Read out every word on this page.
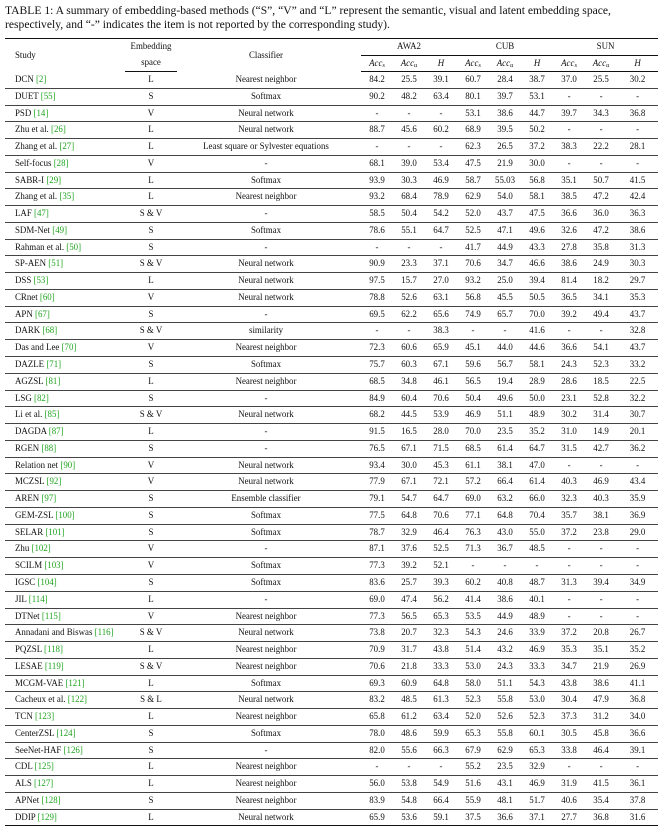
TABLE 1: A summary of embedding-based methods (“S”, “V” and “L” represent the semantic, visual and latent embedding space, respectively, and “-” indicates the item is not reported by the corresponding study).
Study	Embedding	Classifier		AWA2			CUB			SUN		
	space			Acc$_s$	Acc$_u$	H	Acc$_s$	Acc$_u$	H	Acc$_s$	Acc$_u$	H
DCN [2]	L	Nearest neighbor		84.2	25.5	39.1	60.7	28.4	38.7	37.0	25.5	30.2
DUET [55]	S	Softmax		90.2	48.2	63.4	80.1	39.7	53.1	-	-	-
PSD [14]	V	Neural network		-	-	-	53.1	38.6	44.7	39.7	34.3	36.8
Zhu et al. [26]	L	Neural network		88.7	45.6	60.2	68.9	39.5	50.2	-	-	-
Zhang et al. [27]	L	Least square or Sylvester equations		-	-	-	62.3	26.5	37.2	38.3	22.2	28.1
Self-focus [28]	V	-		68.1	39.0	53.4	47.5	21.9	30.0	-	-	-
SABR-I [29]	L	Softmax		93.9	30.3	46.9	58.7	55.03	56.8	35.1	50.7	41.5
Zhang et al. [35]	L	Nearest neighbor		93.2	68.4	78.9	62.9	54.0	58.1	38.5	47.2	42.4
LAF [47]	S & V	-		58.5	50.4	54.2	52.0	43.7	47.5	36.6	36.0	36.3
SDM-Net [49]	S	Softmax		78.6	55.1	64.7	52.5	47.1	49.6	32.6	47.2	38.6
Rahman et al. [50]	S	-		-	-	-	41.7	44.9	43.3	27.8	35.8	31.3
SP-AEN [51]	S & V	Neural network		90.9	23.3	37.1	70.6	34.7	46.6	38.6	24.9	30.3
DSS [53]	L	Neural network		97.5	15.7	27.0	93.2	25.0	39.4	81.4	18.2	29.7
CRnet [60]	V	Neural network		78.8	52.6	63.1	56.8	45.5	50.5	36.5	34.1	35.3
APN [67]	S	-		69.5	62.2	65.6	74.9	65.7	70.0	39.2	49.4	43.7
DARK [68]	S & V	similarity		-	-	38.3	-	-	41.6	-	-	32.8
Das and Lee [70]	V	Nearest neighbor		72.3	60.6	65.9	45.1	44.0	44.6	36.6	54.1	43.7
DAZLE [71]	S	Softmax		75.7	60.3	67.1	59.6	56.7	58.1	24.3	52.3	33.2
AGZSL [81]	L	Nearest neighbor		68.5	34.8	46.1	56.5	19.4	28.9	28.6	18.5	22.5
LSG [82]	S	-		84.9	60.4	70.6	50.4	49.6	50.0	23.1	52.8	32.2
Li et al. [85]	S & V	Neural network		68.2	44.5	53.9	46.9	51.1	48.9	30.2	31.4	30.7
DAGDA [87]	L	-		91.5	16.5	28.0	70.0	23.5	35.2	31.0	14.9	20.1
RGEN [88]	S	-		76.5	67.1	71.5	68.5	61.4	64.7	31.5	42.7	36.2
Relation net [90]	V	Neural network		93.4	30.0	45.3	61.1	38.1	47.0	-	-	-
MCZSL [92]	V	Neural network		77.9	67.1	72.1	57.2	66.4	61.4	40.3	46.9	43.4
AREN [97]	S	Ensemble classifier		79.1	54.7	64.7	69.0	63.2	66.0	32.3	40.3	35.9
GEM-ZSL [100]	S	Softmax		77.5	64.8	70.6	77.1	64.8	70.4	35.7	38.1	36.9
SELAR [101]	S	Softmax		78.7	32.9	46.4	76.3	43.0	55.0	37.2	23.8	29.0
Zhu [102]	V	-		87.1	37.6	52.5	71.3	36.7	48.5	-	-	-
SCILM [103]	V	Softmax		77.3	39.2	52.1	-	-	-	-	-	-
IGSC [104]	S	Softmax		83.6	25.7	39.3	60.2	40.8	48.7	31.3	39.4	34.9
JIL [114]	L	-		69.0	47.4	56.2	41.4	38.6	40.1	-	-	-
DTNet [115]	V	Nearest neighbor		77.3	56.5	65.3	53.5	44.9	48.9	-	-	-
Annadani and Biswas [116]	S & V	Neural network		73.8	20.7	32.3	54.3	24.6	33.9	37.2	20.8	26.7
PQZSL [118]	L	Nearest neighbor		70.9	31.7	43.8	51.4	43.2	46.9	35.3	35.1	35.2
LESAE [119]	S & V	Nearest neighbor		70.6	21.8	33.3	53.0	24.3	33.3	34.7	21.9	26.9
MCGM-VAE [121]	L	Softmax		69.3	60.9	64.8	58.0	51.1	54.3	43.8	38.6	41.1
Cacheux et al. [122]	S & L	Neural network		83.2	48.5	61.3	52.3	55.8	53.0	30.4	47.9	36.8
TCN [123]	L	Nearest neighbor		65.8	61.2	63.4	52.0	52.6	52.3	37.3	31.2	34.0
CenterZSL [124]	S	Softmax		78.0	48.6	59.9	65.3	55.8	60.1	30.5	45.8	36.6
SeeNet-HAF [126]	S	-		82.0	55.6	66.3	67.9	62.9	65.3	33.8	46.4	39.1
CDL [125]	L	Nearest neighbor		-	-	-	55.2	23.5	32.9	-	-	-
ALS [127]	L	Nearest neighbor		56.0	53.8	54.9	51.6	43.1	46.9	31.9	41.5	36.1
APNet [128]	S	Nearest neighbor		83.9	54.8	66.4	55.9	48.1	51.7	40.6	35.4	37.8
DDIP [129]	L	Neural network		65.9	53.6	59.1	37.5	36.6	37.1	27.7	36.8	31.6
